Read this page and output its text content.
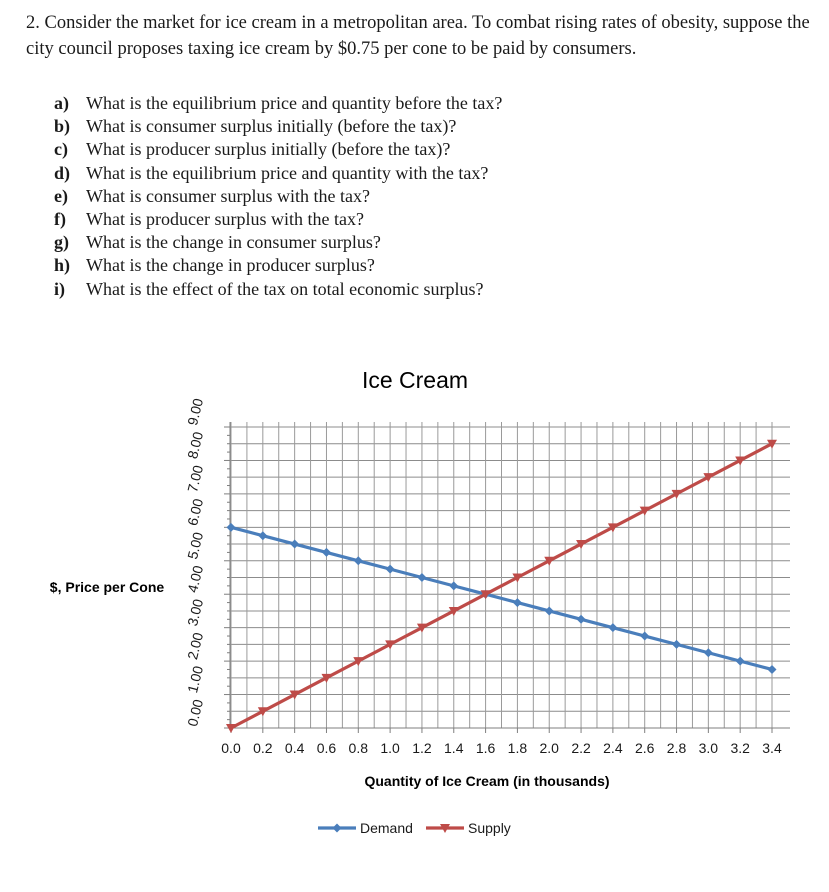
2. Consider the market for ice cream in a metropolitan area. To combat rising rates of obesity, suppose the city council proposes taxing ice cream by $0.75 per cone to be paid by consumers.
a) What is the equilibrium price and quantity before the tax?
b) What is consumer surplus initially (before the tax)?
c) What is producer surplus initially (before the tax)?
d) What is the equilibrium price and quantity with the tax?
e) What is consumer surplus with the tax?
f) What is producer surplus with the tax?
g) What is the change in consumer surplus?
h) What is the change in producer surplus?
i) What is the effect of the tax on total economic surplus?
Ice Cream
$, Price per Cone
Quantity of Ice Cream (in thousands)
0.00
1.00
2.00
3.00
4.00
5.00
6.00
7.00
8.00
9.00
0.0 0.2 0.4 0.6 0.8 1.0 1.2 1.4 1.6 1.8 2.0 2.2 2.4 2.6 2.8 3.0 3.2 3.4
Demand	Supply
